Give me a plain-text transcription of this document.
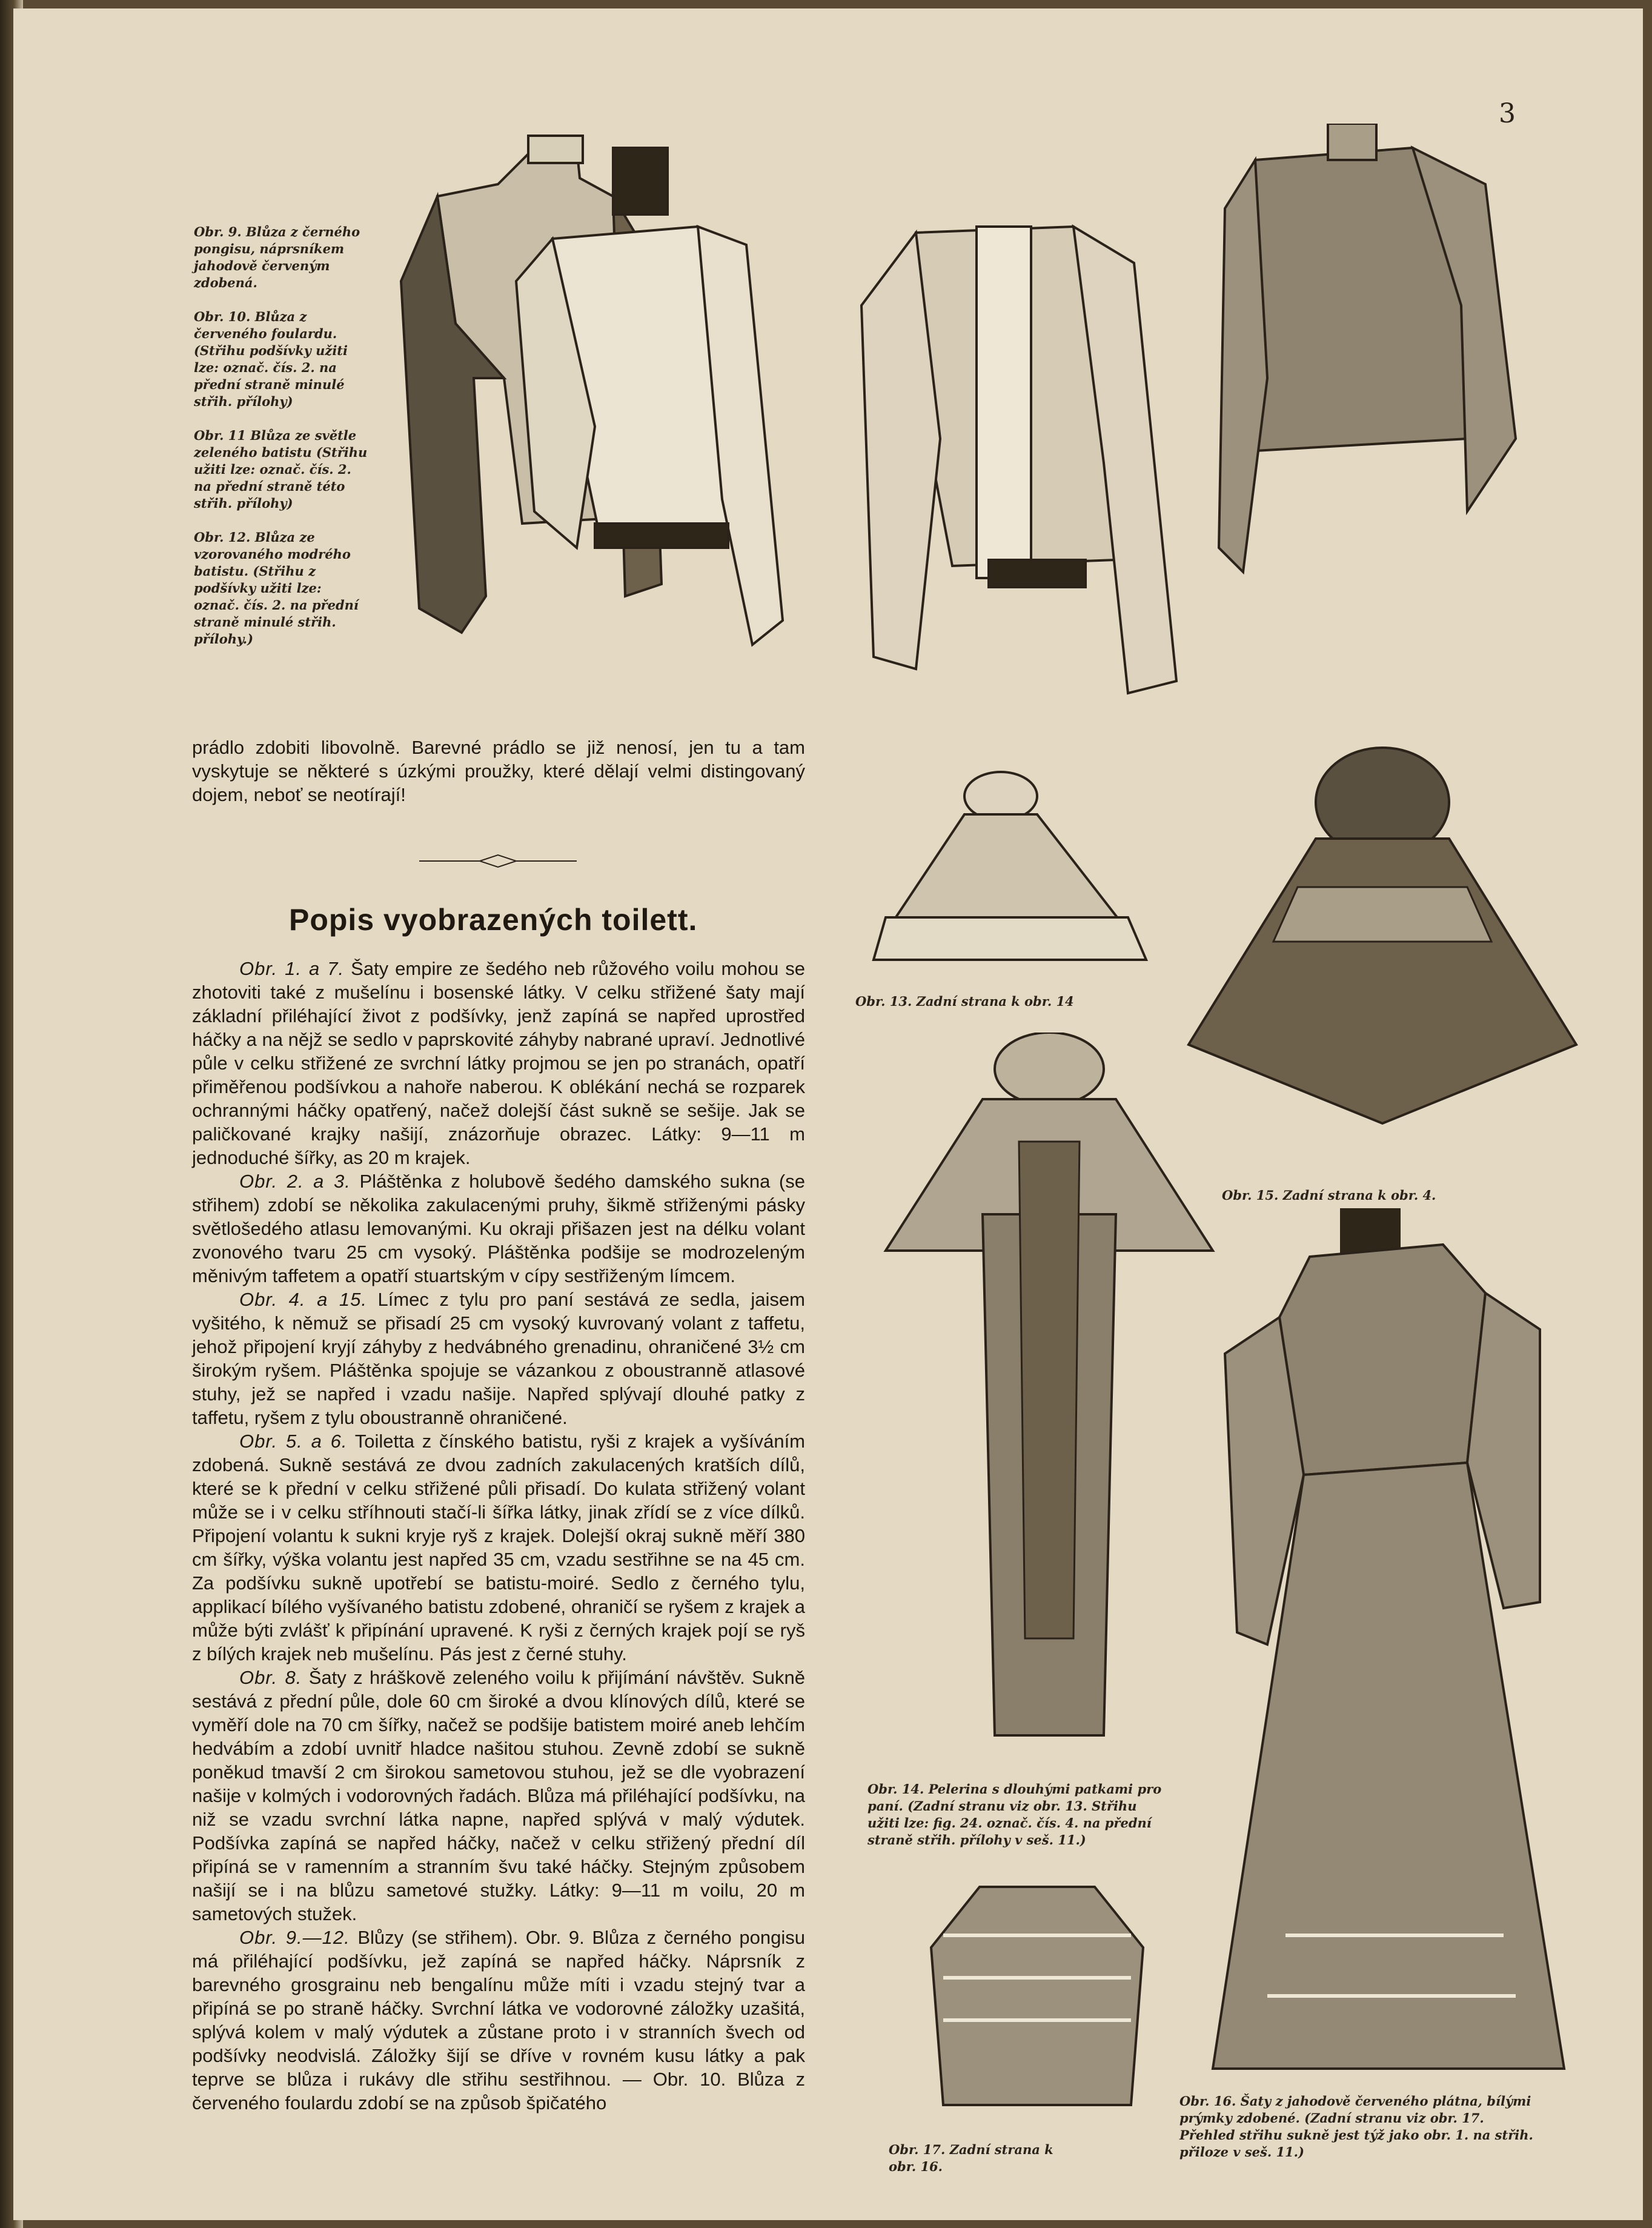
3
Obr. 9. Blůza z černého pongisu, náprsníkem jahodově červeným zdobená.
Obr. 10. Blůza z červeného foulardu. (Střihu podšívky užiti lze: označ. čís. 2. na přední straně minulé střih. přílohy)
Obr. 11 Blůza ze světle zeleného batistu (Střihu užiti lze: označ. čís. 2. na přední straně této střih. přílohy)
Obr. 12. Blůza ze vzorovaného modrého batistu. (Střihu z podšívky užiti lze: označ. čís. 2. na přední straně minulé střih. přílohy.)

prádlo zdobiti libovolně. Barevné prádlo se již nenosí, jen tu a tam vyskytuje se některé s úzkými proužky, které dělají velmi distingovaný dojem, neboť se neotírají!

Popis vyobrazených toilett.

Obr. 1. a 7. Šaty empire ze šedého neb růžového voilu mohou se zhotoviti také z mušelínu i bosenské látky. V celku střižené šaty mají základní přiléhající život z podšívky, jenž zapíná se napřed uprostřed háčky a na nějž se sedlo v paprskovité záhyby nabrané upraví. Jednotlivé půle v celku střižené ze svrchní látky projmou se jen po stranách, opatří přiměřenou podšívkou a nahoře naberou. K oblékání nechá se rozparek ochrannými háčky opatřený, načež dolejší část sukně se sešije. Jak se paličkované krajky našijí, znázorňuje obrazec. Látky: 9—11 m jednoduché šířky, as 20 m krajek.

Obr. 2. a 3. Pláštěnka z holubově šedého damského sukna (se střihem) zdobí se několika zakulacenými pruhy, šikmě střiženými pásky světlošedého atlasu lemovanými. Ku okraji přišazen jest na délku volant zvonového tvaru 25 cm vysoký. Pláštěnka podšije se modrozeleným měnivým taffetem a opatří stuartským v cípy sestřiženým límcem.

Obr. 4. a 15. Límec z tylu pro paní sestává ze sedla, jaisem vyšitého, k němuž se přisadí 25 cm vysoký kuvrovaný volant z taffetu, jehož připojení kryjí záhyby z hedvábného grenadinu, ohraničené 3½ cm širokým ryšem. Pláštěnka spojuje se vázankou z oboustranně atlasové stuhy, jež se napřed i vzadu našije. Napřed splývají dlouhé patky z taffetu, ryšem z tylu oboustranně ohraničené.

Obr. 5. a 6. Toiletta z čínského batistu, ryši z krajek a vyšíváním zdobená. Sukně sestává ze dvou zadních zakulacených kratších dílů, které se k přední v celku střižené půli přisadí. Do kulata střižený volant může se i v celku stříhnouti stačí-li šířka látky, jinak zřídí se z více dílků. Připojení volantu k sukni kryje ryš z krajek. Dolejší okraj sukně měří 380 cm šířky, výška volantu jest napřed 35 cm, vzadu sestřihne se na 45 cm. Za podšívku sukně upotřebí se batistu-moiré. Sedlo z černého tylu, applikací bílého vyšívaného batistu zdobené, ohraničí se ryšem z krajek a může býti zvlášť k připínání upravené. K ryši z černých krajek pojí se ryš z bílých krajek neb mušelínu. Pás jest z černé stuhy.

Obr. 8. Šaty z hráškově zeleného voilu k přijímání návštěv. Sukně sestává z přední půle, dole 60 cm široké a dvou klínových dílů, které se vyměří dole na 70 cm šířky, načež se podšije batistem moiré aneb lehčím hedvábím a zdobí uvnitř hladce našitou stuhou. Zevně zdobí se sukně poněkud tmavší 2 cm širokou sametovou stuhou, jež se dle vyobrazení našije v kolmých i vodorovných řadách. Blůza má přiléhající podšívku, na niž se vzadu svrchní látka napne, napřed splývá v malý výdutek. Podšívka zapíná se napřed háčky, načež v celku střižený přední díl připíná se v ramenním a stranním švu také háčky. Stejným způsobem našijí se i na blůzu sametové stužky. Látky: 9—11 m voilu, 20 m sametových stužek.

Obr. 9.—12. Blůzy (se střihem). Obr. 9. Blůza z černého pongisu má přiléhající podšívku, jež zapíná se napřed háčky. Náprsník z barevného grosgrainu neb bengalínu může míti i vzadu stejný tvar a připíná se po straně háčky. Svrchní látka ve vodorovné záložky uzašitá, splývá kolem v malý výdutek a zůstane proto i v stranních švech od podšívky neodvislá. Záložky šijí se dříve v rovném kusu látky a pak teprve se blůza i rukávy dle střihu sestřihnou. — Obr. 10. Blůza z červeného foulardu zdobí se na způsob špičatého

Obr. 13. Zadní strana k obr. 14
Obr. 15. Zadní strana k obr. 4.
Obr. 14. Pelerina s dlouhými patkami pro paní. (Zadní stranu viz obr. 13. Střihu užiti lze: fig. 24. označ. čís. 4. na přední straně střih. přílohy v seš. 11.)
Obr. 16. Šaty z jahodově červeného plátna, bílými prýmky zdobené. (Zadní stranu viz obr. 17. Přehled střihu sukně jest týž jako obr. 1. na střih. přiloze v seš. 11.)
Obr. 17. Zadní strana k obr. 16.
